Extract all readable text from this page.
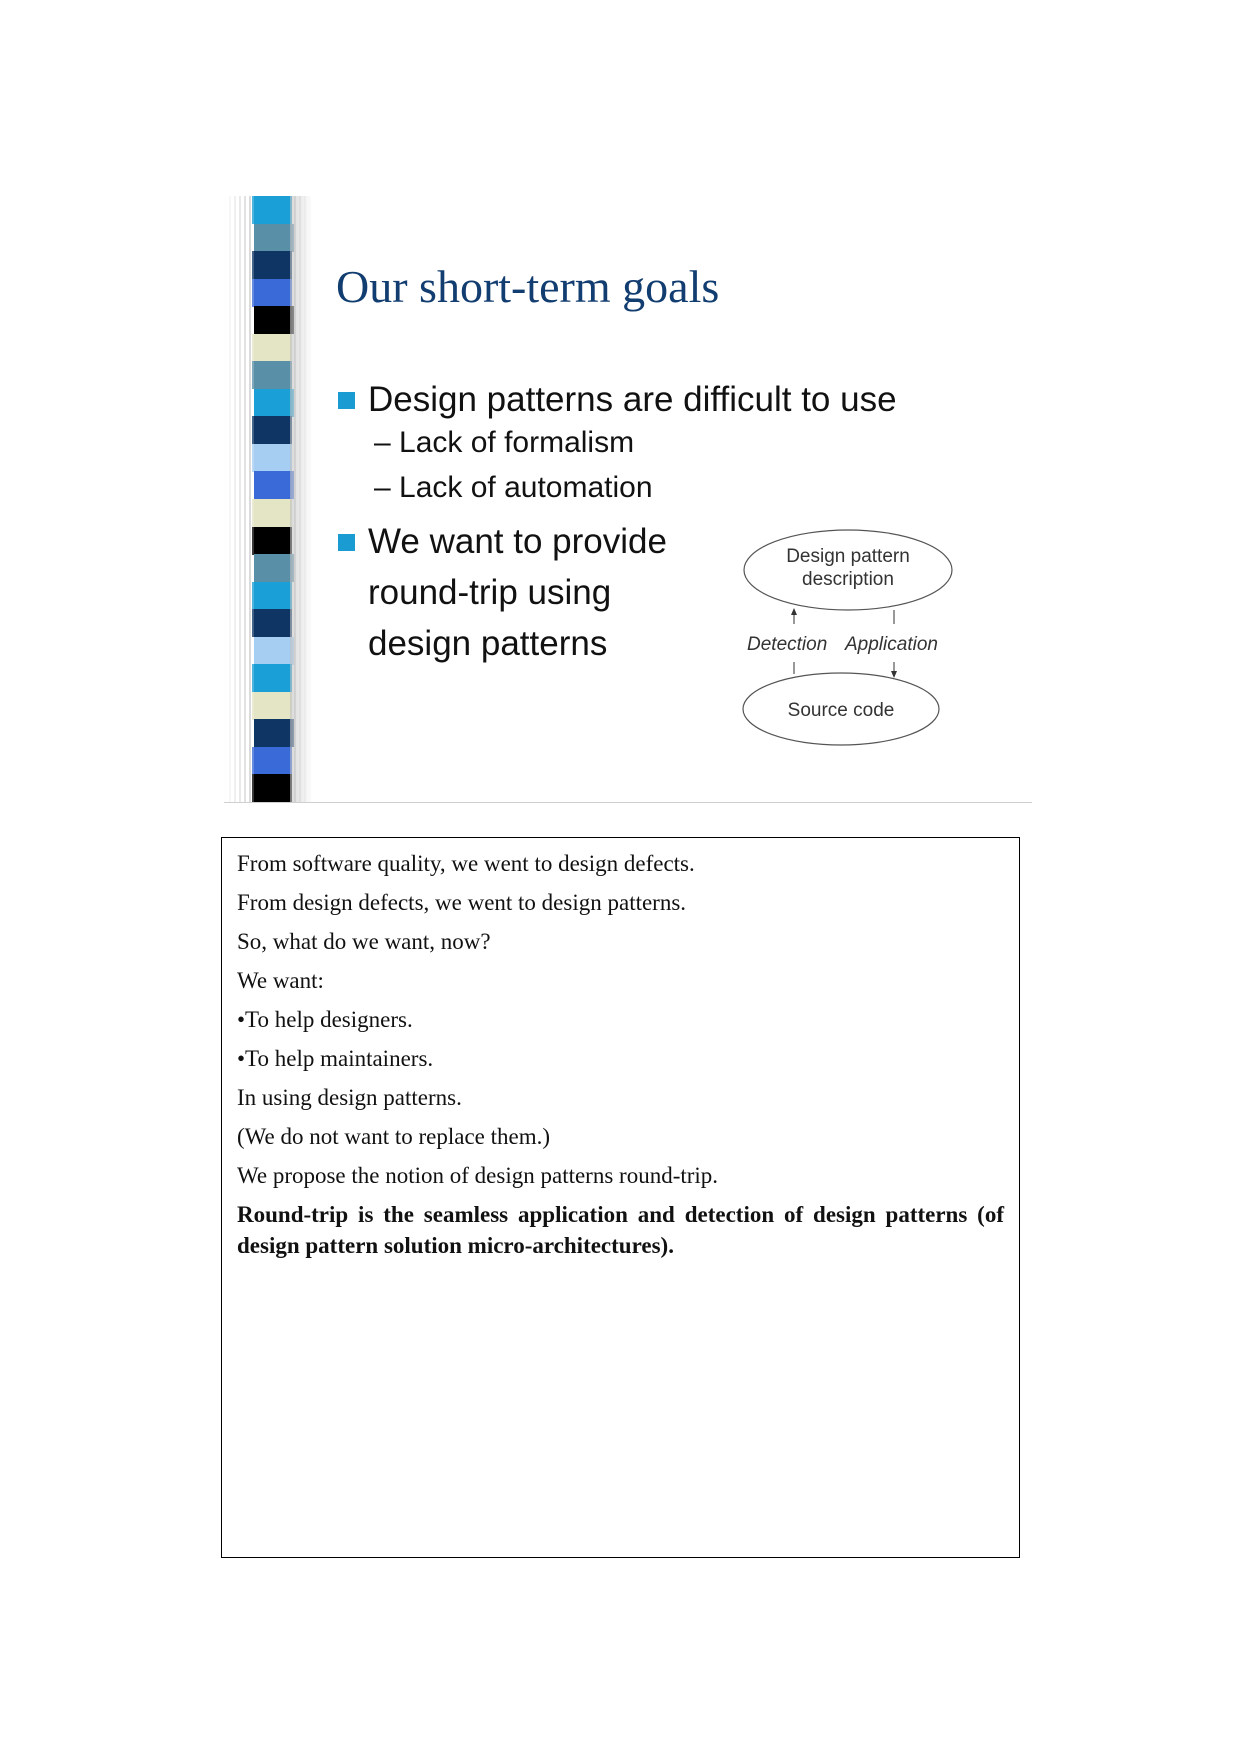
Our short-term goals
Design patterns are difficult to use
– Lack of formalism
– Lack of automation
We want to provide
round-trip using
design patterns
Design pattern
description
Source code
Detection Application
From software quality, we went to design defects.
From design defects, we went to design patterns.
So, what do we want, now?
We want:
•To help designers.
•To help maintainers.
In using design patterns.
(We do not want to replace them.)
We propose the notion of design patterns round-trip.
Round-trip is the seamless application and detection of design patterns (of design pattern solution micro-architectures).
